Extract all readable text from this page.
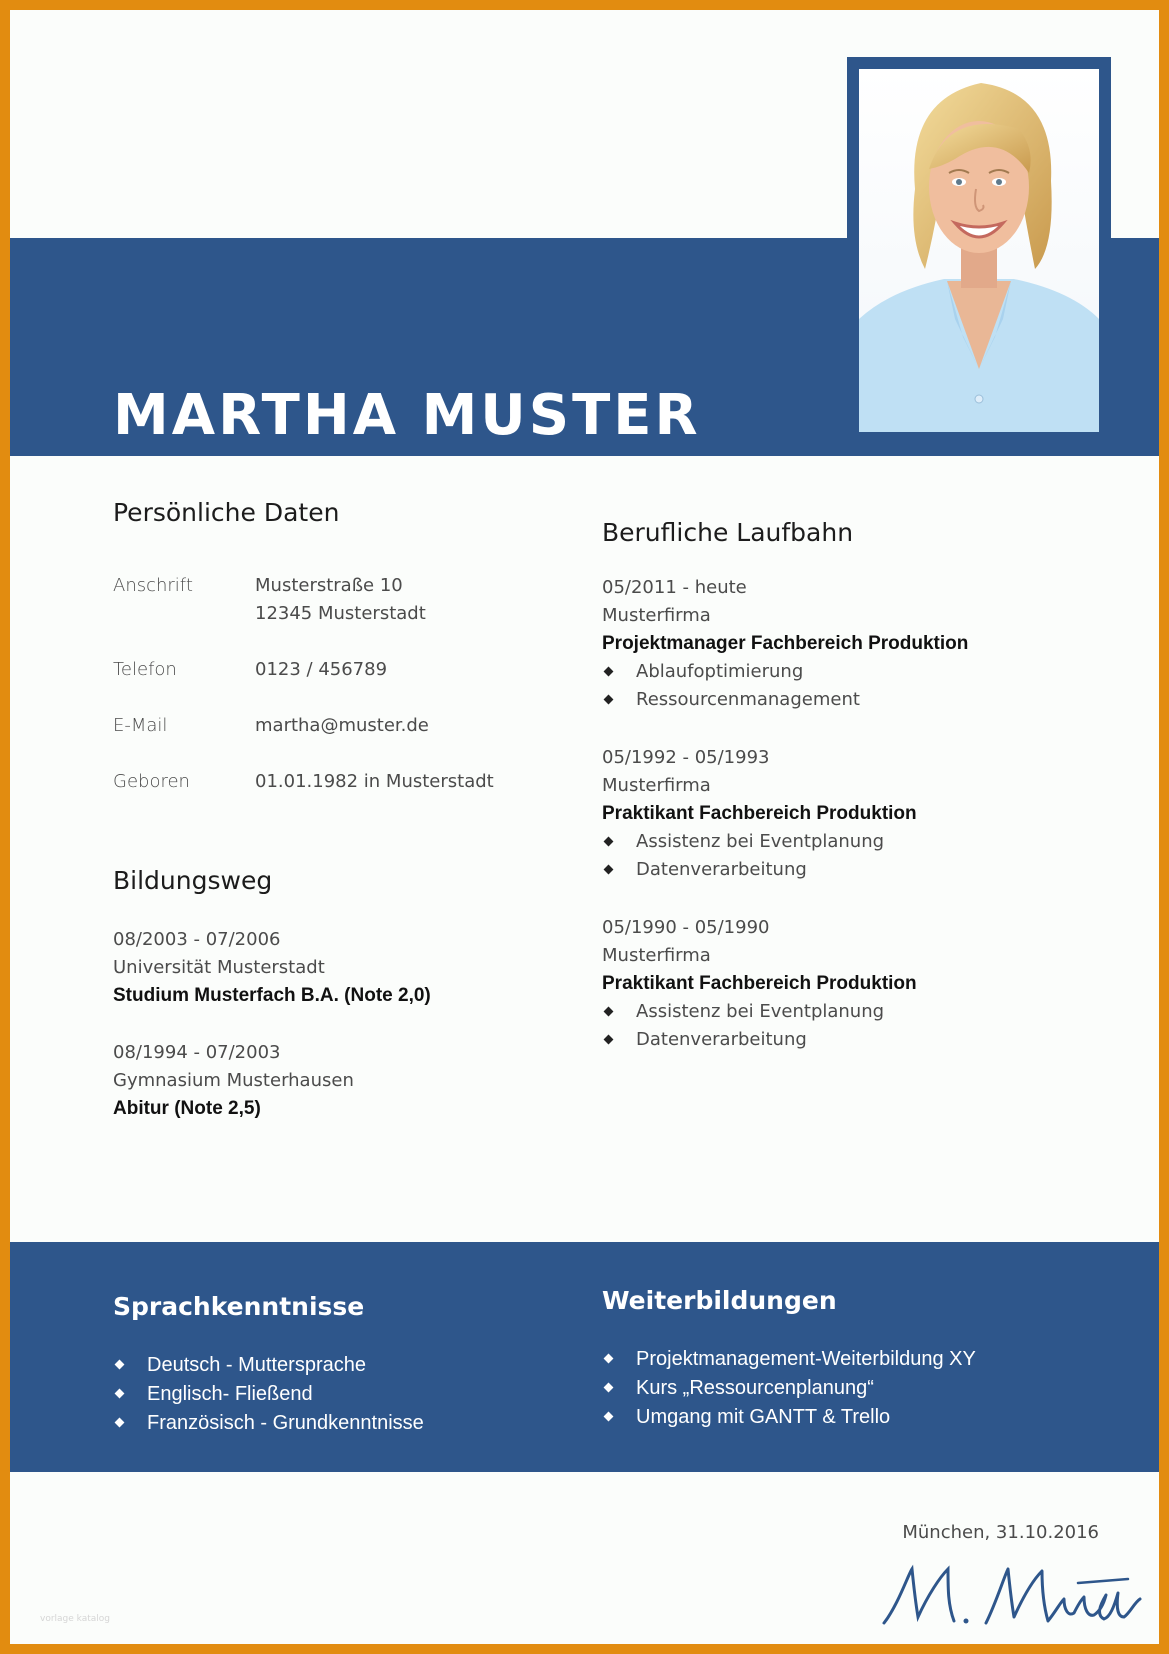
MARTHA MUSTER
Persönliche Daten
Anschrift	Musterstraße 10
12345 Musterstadt
Telefon	0123 / 456789
E-Mail	martha@muster.de
Geboren	01.01.1982 in Musterstadt
Bildungsweg
08/2003 - 07/2006
Universität Musterstadt
Studium Musterfach B.A. (Note 2,0)
08/1994 - 07/2003
Gymnasium Musterhausen
Abitur (Note 2,5)
Berufliche Laufbahn
05/2011 - heute
Musterfirma
Projektmanager Fachbereich Produktion
Ablaufoptimierung
Ressourcenmanagement
05/1992 - 05/1993
Musterfirma
Praktikant Fachbereich Produktion
Assistenz bei Eventplanung
Datenverarbeitung
05/1990 - 05/1990
Musterfirma
Praktikant Fachbereich Produktion
Assistenz bei Eventplanung
Datenverarbeitung
Sprachkenntnisse
Deutsch - Muttersprache
Englisch- Fließend
Französisch - Grundkenntnisse
Weiterbildungen
Projektmanagement-Weiterbildung XY
Kurs „Ressourcenplanung“
Umgang mit GANTT & Trello
München, 31.10.2016
vorlage katalog
